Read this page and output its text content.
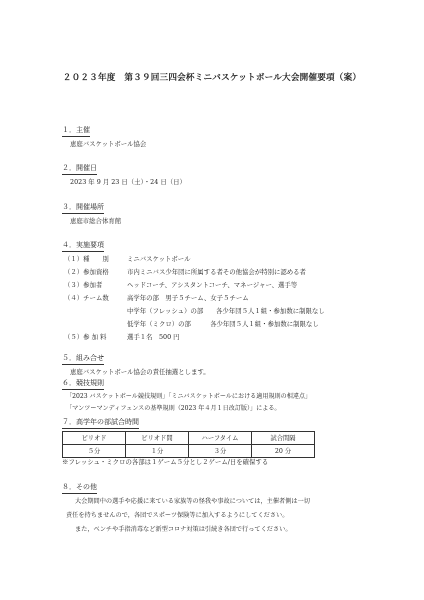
２０２３年度　第３９回三四会杯ミニバスケットボール大会開催要項（案）
１．主催
恵庭バスケットボール協会
２．開催日
2023 年 9 月 23 日（土）・24 日（日）
３．開催場所
恵庭市総合体育館
４．実施要項
（１）種　　別	ミニバスケットボール
（２）参加資格	市内ミニバス少年団に所属する者その他協会が特別に認める者
（３）参加者	ヘッドコーチ、アシスタントコーチ、マネージャー、選手等
（４）チーム数	高学年の部　男子５チーム、女子５チーム
中学年（フレッシュ）の部　　各少年団５人１組・参加数に制限なし
低学年（ミクロ）の部　　　各少年団５人１組・参加数に制限なし
（５）参 加 料	選手１名　500 円
５．組み合せ
恵庭バスケットボール協会の責任抽選とします。
６．競技規則
「2023 バスケットボール競技規則」「ミニバスケットボールにおける適用規則の相違点」
「マンツーマンディフェンスの基準規則（2023 年４月１日改訂版）」による。
７．高学年の部試合時間
ピリオド	ピリオド間	ハーフタイム	試合間隔
５分	１分	３分	20 分
※フレッシュ・ミクロの各部は１ゲーム５分とし２ゲーム/日を確保する
８．その他
大会期間中の選手や応援に来ている家族等の怪我や事故については，主催者側は一切
責任を持ちませんので，各団でスポーツ保険等に加入するようにしてください。
また，ベンチや手指消毒など新型コロナ対策は引続き各団で行ってください。
